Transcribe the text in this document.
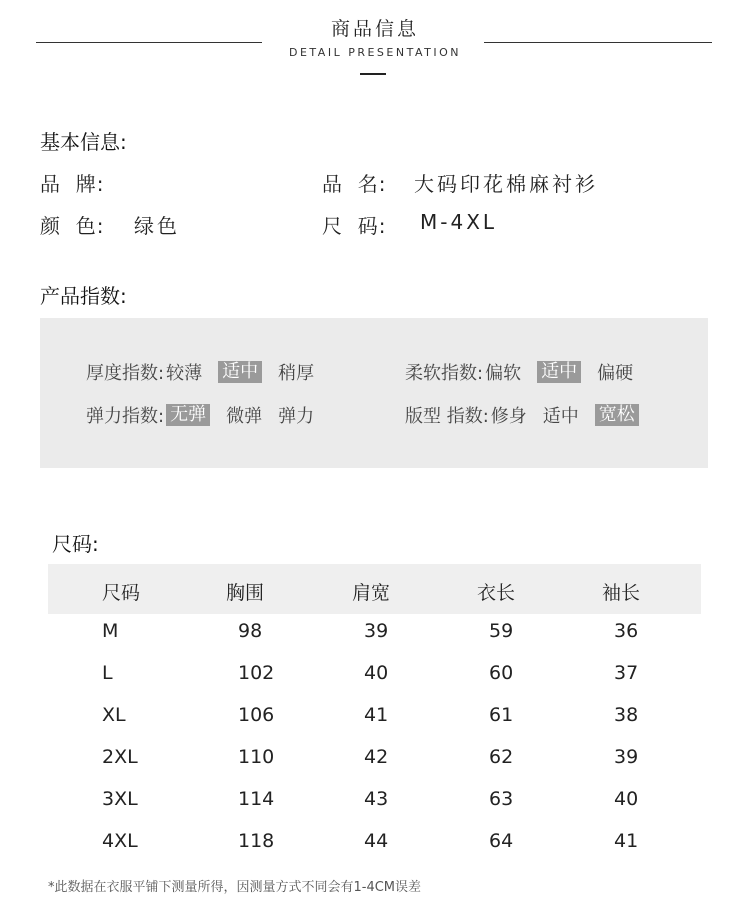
商品信息
DETAIL PRESENTATION
基本信息:
品  牌:	品  名: 大码印花棉麻衬衫
颜  色: 绿色	尺  码: M-4XL
产品指数:
厚度指数: 较薄 适中 稍厚	柔软指数: 偏软 适中 偏硬
弹力指数: 无弹 微弹 弹力	版型 指数: 修身 适中 宽松
尺码:
尺码	胸围	肩宽	衣长	袖长
M	98	39	59	36
L	102	40	60	37
XL	106	41	61	38
2XL	110	42	62	39
3XL	114	43	63	40
4XL	118	44	64	41
*此数据在衣服平铺下测量所得，因测量方式不同会有1-4CM误差
